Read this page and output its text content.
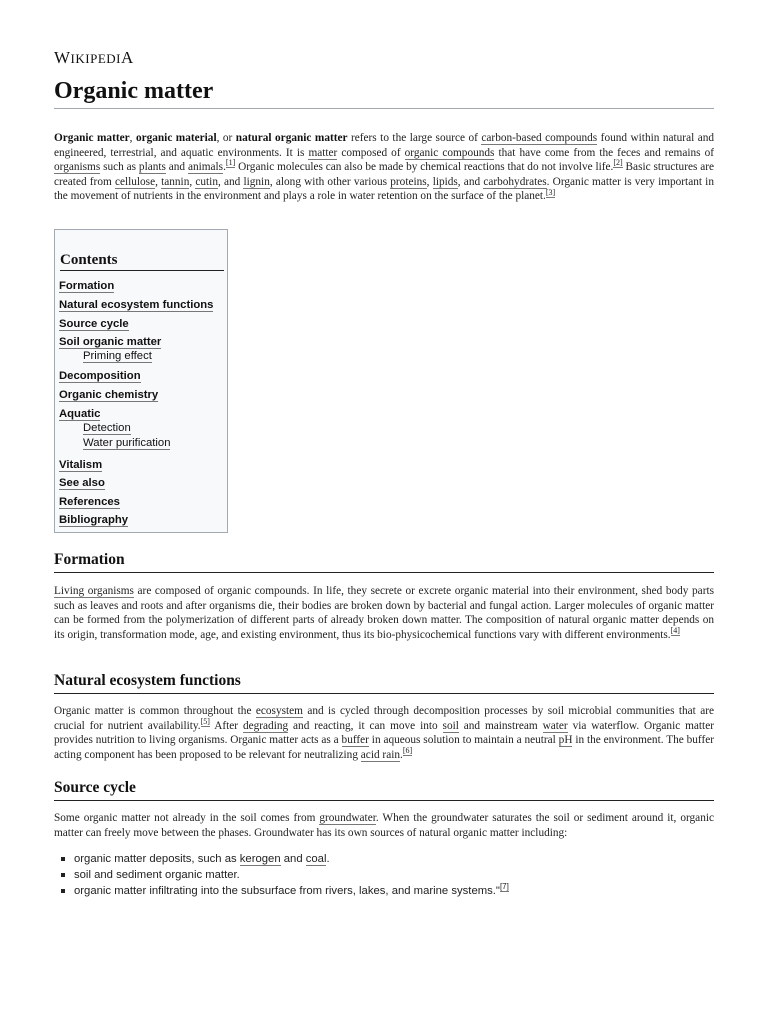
WIKIPEDIA
Organic matter

Organic matter, organic material, or natural organic matter refers to the large source of carbon-based compounds found within natural and engineered, terrestrial, and aquatic environments. It is matter composed of organic compounds that have come from the feces and remains of organisms such as plants and animals.[1] Organic molecules can also be made by chemical reactions that do not involve life.[2] Basic structures are created from cellulose, tannin, cutin, and lignin, along with other various proteins, lipids, and carbohydrates. Organic matter is very important in the movement of nutrients in the environment and plays a role in water retention on the surface of the planet.[3]

Contents
Formation
Natural ecosystem functions
Source cycle
Soil organic matter
Priming effect
Decomposition
Organic chemistry
Aquatic
Detection
Water purification
Vitalism
See also
References
Bibliography
Formation

Living organisms are composed of organic compounds. In life, they secrete or excrete organic material into their environment, shed body parts such as leaves and roots and after organisms die, their bodies are broken down by bacterial and fungal action. Larger molecules of organic matter can be formed from the polymerization of different parts of already broken down matter. The composition of natural organic matter depends on its origin, transformation mode, age, and existing environment, thus its bio-physicochemical functions vary with different environments.[4]

Natural ecosystem functions

Organic matter is common throughout the ecosystem and is cycled through decomposition processes by soil microbial communities that are crucial for nutrient availability.[5] After degrading and reacting, it can move into soil and mainstream water via waterflow. Organic matter provides nutrition to living organisms. Organic matter acts as a buffer in aqueous solution to maintain a neutral pH in the environment. The buffer acting component has been proposed to be relevant for neutralizing acid rain.[6]

Source cycle

Some organic matter not already in the soil comes from groundwater. When the groundwater saturates the soil or sediment around it, organic matter can freely move between the phases. Groundwater has its own sources of natural organic matter including:

organic matter deposits, such as kerogen and coal.
soil and sediment organic matter.
organic matter infiltrating into the subsurface from rivers, lakes, and marine systems."[7]
